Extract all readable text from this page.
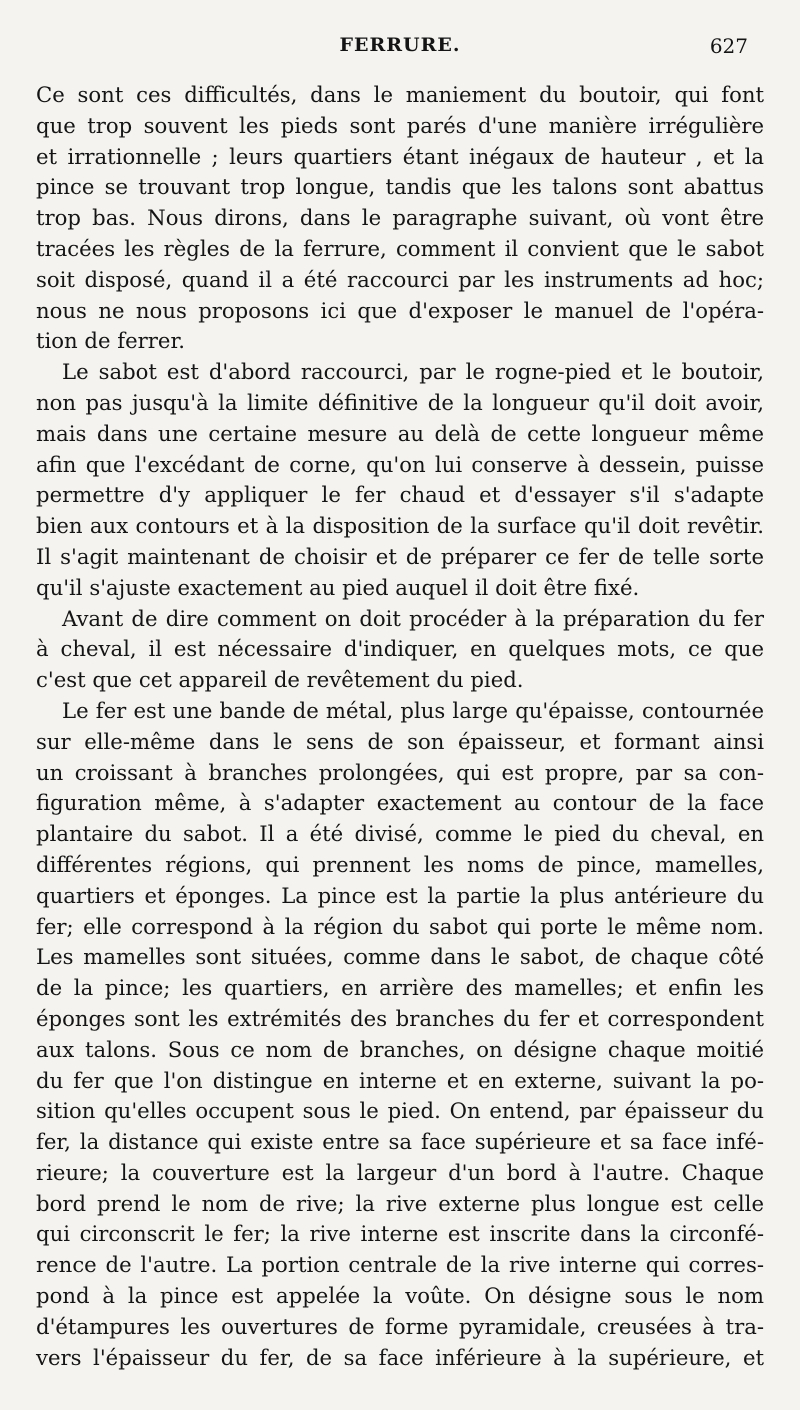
FERRURE.	627
Ce sont ces difficultés, dans le maniement du boutoir, qui font
que trop souvent les pieds sont parés d'une manière irrégulière
et irrationnelle ; leurs quartiers étant inégaux de hauteur , et la
pince se trouvant trop longue, tandis que les talons sont abattus
trop bas. Nous dirons, dans le paragraphe suivant, où vont être
tracées les règles de la ferrure, comment il convient que le sabot
soit disposé, quand il a été raccourci par les instruments ad hoc;
nous ne nous proposons ici que d'exposer le manuel de l'opéra-
tion de ferrer.
Le sabot est d'abord raccourci, par le rogne-pied et le boutoir,
non pas jusqu'à la limite définitive de la longueur qu'il doit avoir,
mais dans une certaine mesure au delà de cette longueur même
afin que l'excédant de corne, qu'on lui conserve à dessein, puisse
permettre d'y appliquer le fer chaud et d'essayer s'il s'adapte
bien aux contours et à la disposition de la surface qu'il doit revêtir.
Il s'agit maintenant de choisir et de préparer ce fer de telle sorte
qu'il s'ajuste exactement au pied auquel il doit être fixé.
Avant de dire comment on doit procéder à la préparation du fer
à cheval, il est nécessaire d'indiquer, en quelques mots, ce que
c'est que cet appareil de revêtement du pied.
Le fer est une bande de métal, plus large qu'épaisse, contournée
sur elle-même dans le sens de son épaisseur, et formant ainsi
un croissant à branches prolongées, qui est propre, par sa con-
figuration même, à s'adapter exactement au contour de la face
plantaire du sabot. Il a été divisé, comme le pied du cheval, en
différentes régions, qui prennent les noms de pince, mamelles,
quartiers et éponges. La pince est la partie la plus antérieure du
fer; elle correspond à la région du sabot qui porte le même nom.
Les mamelles sont situées, comme dans le sabot, de chaque côté
de la pince; les quartiers, en arrière des mamelles; et enfin les
éponges sont les extrémités des branches du fer et correspondent
aux talons. Sous ce nom de branches, on désigne chaque moitié
du fer que l'on distingue en interne et en externe, suivant la po-
sition qu'elles occupent sous le pied. On entend, par épaisseur du
fer, la distance qui existe entre sa face supérieure et sa face infé-
rieure; la couverture est la largeur d'un bord à l'autre. Chaque
bord prend le nom de rive; la rive externe plus longue est celle
qui circonscrit le fer; la rive interne est inscrite dans la circonfé-
rence de l'autre. La portion centrale de la rive interne qui corres-
pond à la pince est appelée la voûte. On désigne sous le nom
d'étampures les ouvertures de forme pyramidale, creusées à tra-
vers l'épaisseur du fer, de sa face inférieure à la supérieure, et
